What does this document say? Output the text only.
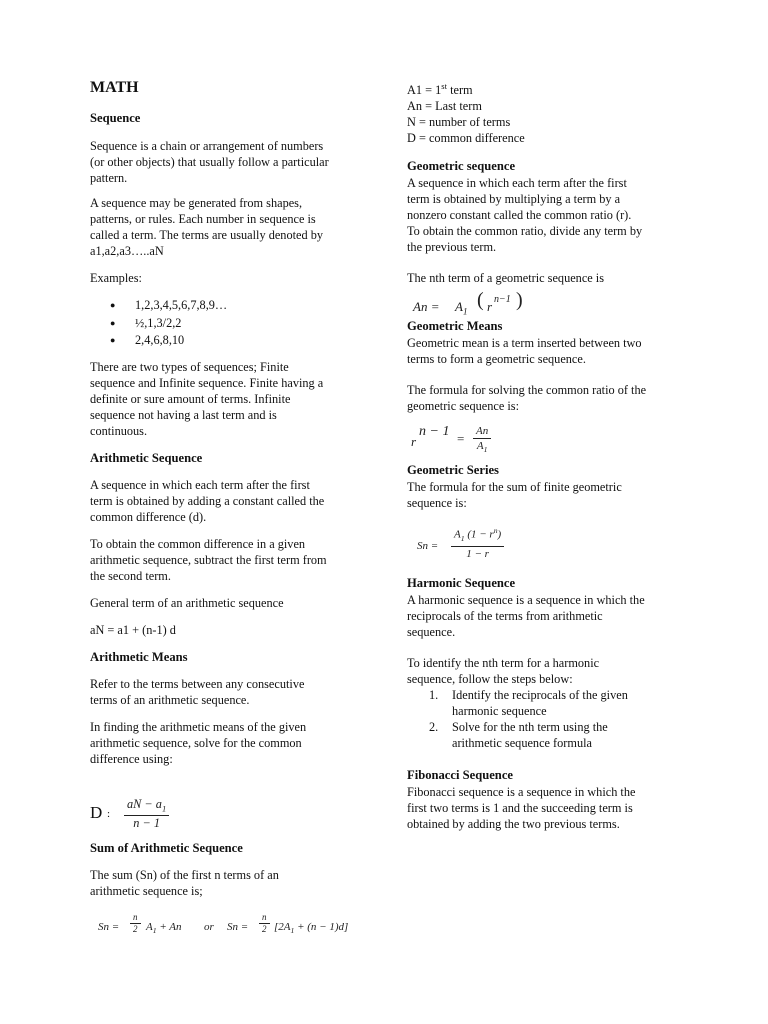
MATH
Sequence
Sequence is a chain or arrangement of numbers
(or other objects) that usually follow a particular
pattern.
A sequence may be generated from shapes,
patterns, or rules. Each number in sequence is
called a term. The terms are usually denoted by
a1,a2,a3…..aN
Examples:
● 1,2,3,4,5,6,7,8,9…
● ½,1,3/2,2
● 2,4,6,8,10
There are two types of sequences; Finite
sequence and Infinite sequence. Finite having a
definite or sure amount of terms. Infinite
sequence not having a last term and is
continuous.
Arithmetic Sequence
A sequence in which each term after the first
term is obtained by adding a constant called the
common difference (d).
To obtain the common difference in a given
arithmetic sequence, subtract the first term from
the second term.
General term of an arithmetic sequence
aN = a1 + (n-1) d
Arithmetic Means
Refer to the terms between any consecutive
terms of an arithmetic sequence.
In finding the arithmetic means of the given
arithmetic sequence, solve for the common
difference using:
D : $\frac{aN - a_1}{n - 1}$
Sum of Arithmetic Sequence
The sum (Sn) of the first n terms of an
arithmetic sequence is;
$Sn = \frac{n}{2} A_1 + An$ or $Sn = \frac{n}{2} [2A_1 + (n - 1)d]$
A1 = 1st term
An = Last term
N = number of terms
D = common difference
Geometric sequence
A sequence in which each term after the first
term is obtained by multiplying a term by a
nonzero constant called the common ratio (r).
To obtain the common ratio, divide any term by
the previous term.
The nth term of a geometric sequence is
$An = A_1$
( r n−1 )
Geometric Means
Geometric mean is a term inserted between two
terms to form a geometric sequence.
The formula for solving the common ratio of the
geometric sequence is:
r
$n - 1 = \frac{An}{A_1}$
Geometric Series
The formula for the sum of finite geometric
sequence is:
$Sn = \frac{A_1 (1 - r^n)}{1 - r}$
Harmonic Sequence
A harmonic sequence is a sequence in which the
reciprocals of the terms from arithmetic
sequence.
To identify the nth term for a harmonic
sequence, follow the steps below:
1. Identify the reciprocals of the given
harmonic sequence
2. Solve for the nth term using the
arithmetic sequence formula
Fibonacci Sequence
Fibonacci sequence is a sequence in which the
first two terms is 1 and the succeeding term is
obtained by adding the two previous terms.
